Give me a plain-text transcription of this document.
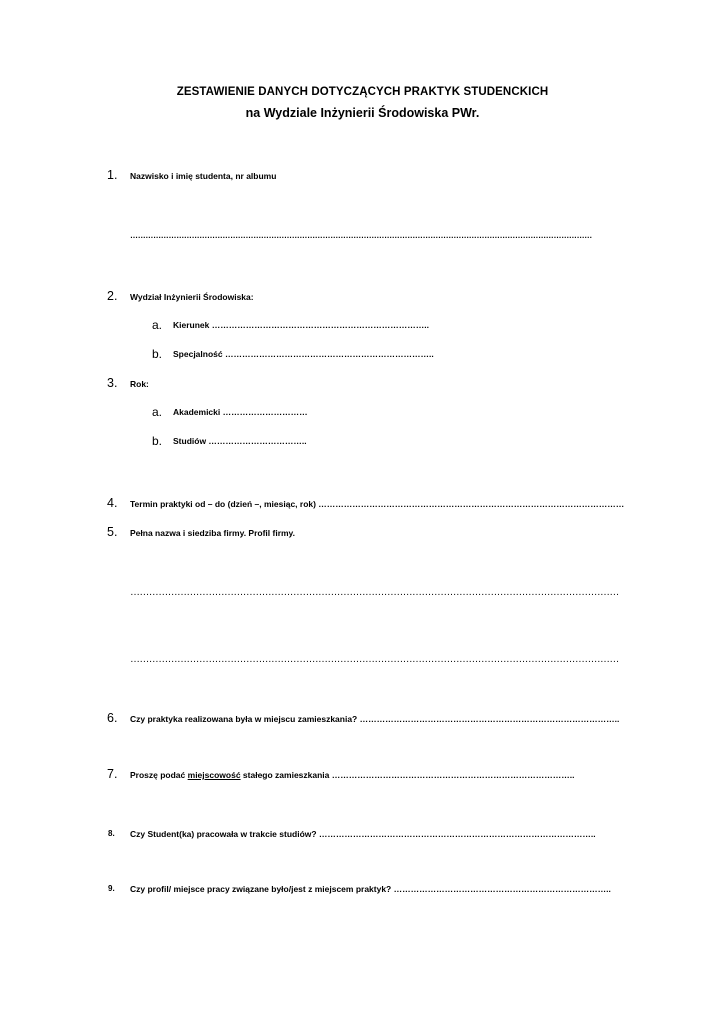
ZESTAWIENIE DANYCH DOTYCZĄCYCH PRAKTYK STUDENCKICH
na Wydziale Inżynierii Środowiska PWr.
1. Nazwisko i imię studenta, nr albumu
………………………………………………………………………………………………………………………………………………………………
2. Wydział Inżynierii Środowiska:
a. Kierunek …………………………………………………………………..
b. Specjalność ………………………………………………………………..
3. Rok:
a. Akademicki …………………………
b. Studiów ……………………………..
4. Termin praktyki od – do (dzień –, miesiąc, rok) ………………………………………………………………………………………………
5. Pełna nazwa i siedziba firmy. Profil firmy.
…………………………………………………………………………………………………………………………………………
…………………………………………………………………………………………………………………………………………
6. Czy praktyka realizowana była w miejscu zamieszkania? ………………………………………………………………………………..
7. Proszę podać miejscowość stałego zamieszkania …………………………………………………………………………..
8. Czy Student(ka) pracowała w trakcie studiów? ……………………………………………………………………………………..
9. Czy profil/ miejsce pracy związane było/jest z miejscem praktyk? …………………………………………………………………..
